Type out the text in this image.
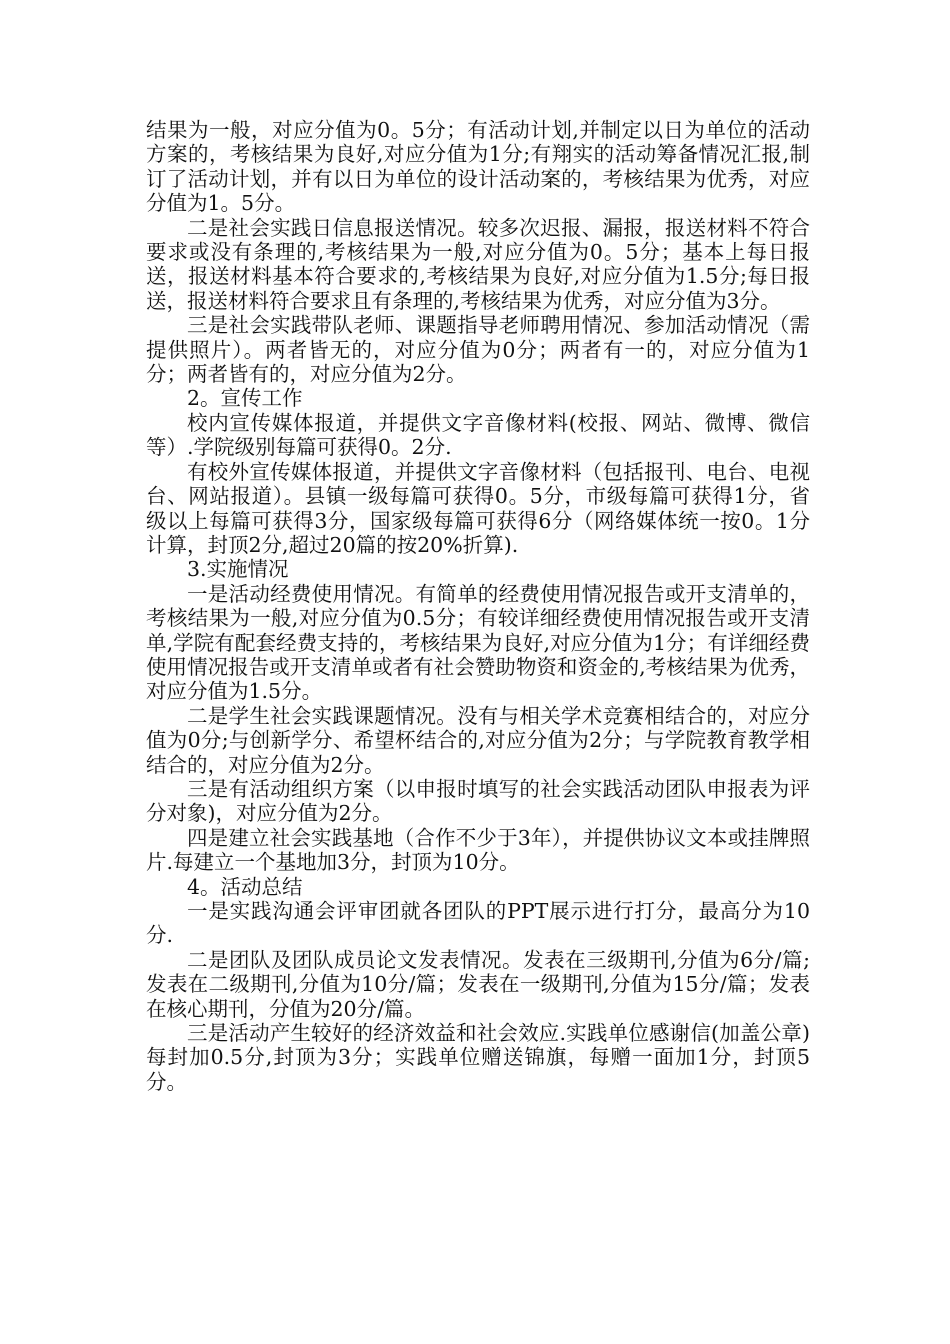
结果为一般，对应分值为0。5分；有活动计划,并制定以日为单位的活动方案的，考核结果为良好,对应分值为1分;有翔实的活动筹备情况汇报,制订了活动计划，并有以日为单位的设计活动案的，考核结果为优秀，对应分值为1。5分。

二是社会实践日信息报送情况。较多次迟报、漏报，报送材料不符合要求或没有条理的,考核结果为一般,对应分值为0。5分；基本上每日报送，报送材料基本符合要求的,考核结果为良好,对应分值为1.5分;每日报送，报送材料符合要求且有条理的,考核结果为优秀，对应分值为3分。

三是社会实践带队老师、课题指导老师聘用情况、参加活动情况（需提供照片）。两者皆无的，对应分值为0分；两者有一的，对应分值为1分；两者皆有的，对应分值为2分。

2。宣传工作

校内宣传媒体报道，并提供文字音像材料(校报、网站、微博、微信等）.学院级别每篇可获得0。2分.

有校外宣传媒体报道，并提供文字音像材料（包括报刊、电台、电视台、网站报道）。县镇一级每篇可获得0。5分，市级每篇可获得1分，省级以上每篇可获得3分，国家级每篇可获得6分（网络媒体统一按0。1分计算，封顶2分,超过20篇的按20%折算).

3.实施情况

一是活动经费使用情况。有简单的经费使用情况报告或开支清单的，考核结果为一般,对应分值为0.5分；有较详细经费使用情况报告或开支清单,学院有配套经费支持的，考核结果为良好,对应分值为1分；有详细经费使用情况报告或开支清单或者有社会赞助物资和资金的,考核结果为优秀，对应分值为1.5分。

二是学生社会实践课题情况。没有与相关学术竞赛相结合的，对应分值为0分;与创新学分、希望杯结合的,对应分值为2分；与学院教育教学相结合的，对应分值为2分。

三是有活动组织方案（以申报时填写的社会实践活动团队申报表为评分对象)，对应分值为2分。

四是建立社会实践基地（合作不少于3年），并提供协议文本或挂牌照片.每建立一个基地加3分，封顶为10分。

4。活动总结

一是实践沟通会评审团就各团队的PPT展示进行打分，最高分为10分.

二是团队及团队成员论文发表情况。发表在三级期刊,分值为6分/篇;发表在二级期刊,分值为10分/篇；发表在一级期刊,分值为15分/篇；发表在核心期刊，分值为20分/篇。

三是活动产生较好的经济效益和社会效应.实践单位感谢信(加盖公章)每封加0.5分,封顶为3分；实践单位赠送锦旗，每赠一面加1分，封顶5分。
